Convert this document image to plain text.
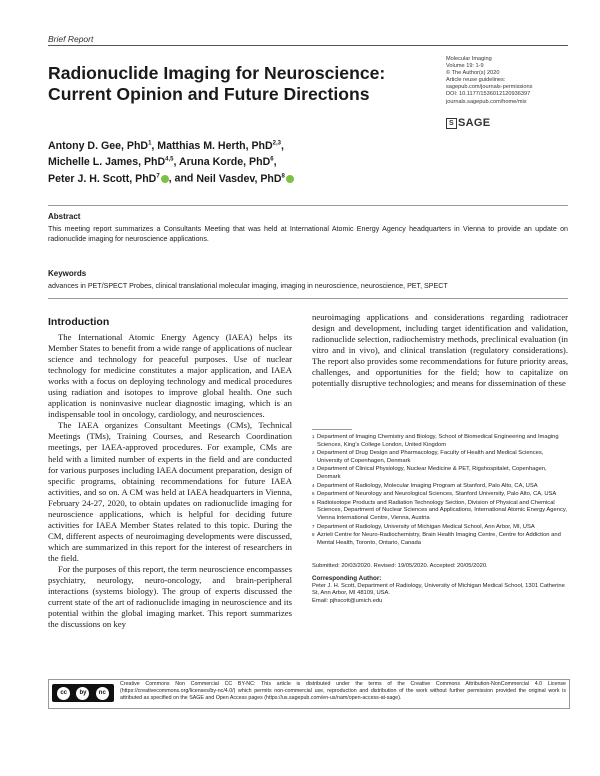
Brief Report
Radionuclide Imaging for Neuroscience:
Current Opinion and Future Directions
Molecular Imaging
Volume 19: 1-9
© The Author(s) 2020
Article reuse guidelines:
sagepub.com/journals-permissions
DOI: 10.1177/1536012120936397
journals.sagepub.com/home/mix
S SAGE
Antony D. Gee, PhD$^1$, Matthias M. Herth, PhD$^{2,3}$,
Michelle L. James, PhD$^{4,5}$, Aruna Korde, PhD$^6$,
Peter J. H. Scott, PhD$^7$ , and Neil Vasdev, PhD$^8$
Abstract
This meeting report summarizes a Consultants Meeting that was held at International Atomic Energy Agency headquarters in Vienna to provide an update on radionuclide imaging for neuroscience applications.
Keywords
advances in PET/SPECT Probes, clinical translational molecular imaging, imaging in neuroscience, neuroscience, PET, SPECT
Introduction

The International Atomic Energy Agency (IAEA) helps its Member States to benefit from a wide range of applications of nuclear science and technology for peaceful purposes. Use of nuclear technology for medicine constitutes a major application, and IAEA works with a focus on deploying technology and medical procedures using radiation and isotopes to improve global health. One such application is noninvasive nuclear diagnostic imaging, which is an indispensable tool in oncology, cardiology, and neurosciences.

The IAEA organizes Consultant Meetings (CMs), Technical Meetings (TMs), Training Courses, and Research Coordination meetings, per IAEA-approved procedures. For example, CMs are held with a limited number of experts in the field and are conducted for various purposes including IAEA document preparation, design of specific programs, obtaining recommendations for future IAEA activities, and so on. A CM was held at IAEA headquarters in Vienna, February 24-27, 2020, to obtain updates on radionuclide imaging for neuroscience applications, which is helpful for deciding future activities for IAEA Member States related to this topic. During the CM, different aspects of neuroimaging developments were discussed, which are summarized in this report for the interest of researchers in the field.

For the purposes of this report, the term neuroscience encompasses psychiatry, neurology, neuro-oncology, and brain-peripheral interactions (systems biology). The group of experts discussed the current state of the art of radionuclide imaging in neuroscience and its potential within the global imaging market. This report summarizes the discussions on key

neuroimaging applications and considerations regarding radiotracer design and development, including target identification and validation, radionuclide selection, radiochemistry methods, preclinical evaluation (in vitro and in vivo), and clinical translation (regulatory considerations). The report also provides some recommendations for future priority areas, challenges, and opportunities for the field; how to capitalize on potentially disruptive technologies; and means for dissemination of these

1 Department of Imaging Chemistry and Biology, School of Biomedical Engineering and Imaging Sciences, King's College London, United Kingdom
2 Department of Drug Design and Pharmacology, Faculty of Health and Medical Sciences, University of Copenhagen, Denmark
3 Department of Clinical Physiology, Nuclear Medicine & PET, Rigshospitalet, Copenhagen, Denmark
4 Department of Radiology, Molecular Imaging Program at Stanford, Palo Alto, CA, USA
5 Department of Neurology and Neurological Sciences, Stanford University, Palo Alto, CA, USA
6 Radioisotope Products and Radiation Technology Section, Division of Physical and Chemical Sciences, Department of Nuclear Sciences and Applications, International Atomic Energy Agency, Vienna International Centre, Vienna, Austria
7 Department of Radiology, University of Michigan Medical School, Ann Arbor, MI, USA
8 Azrieli Centre for Neuro-Radiochemistry, Brain Health Imaging Centre, Centre for Addiction and Mental Health, Toronto, Ontario, Canada
Submitted: 20/03/2020. Revised: 19/05/2020. Accepted: 20/05/2020.
Corresponding Author:
Peter J. H. Scott, Department of Radiology, University of Michigan Medical School, 1301 Catherine St, Ann Arbor, MI 48109, USA.
Email: pjhscott@umich.edu
cc	by	nc
Creative Commons Non Commercial CC BY-NC: This article is distributed under the terms of the Creative Commons Attribution-NonCommercial 4.0 License (https://creativecommons.org/licenses/by-nc/4.0/) which permits non-commercial use, reproduction and distribution of the work without further permission provided the original work is attributed as specified on the SAGE and Open Access pages (https://us.sagepub.com/en-us/nam/open-access-at-sage).
